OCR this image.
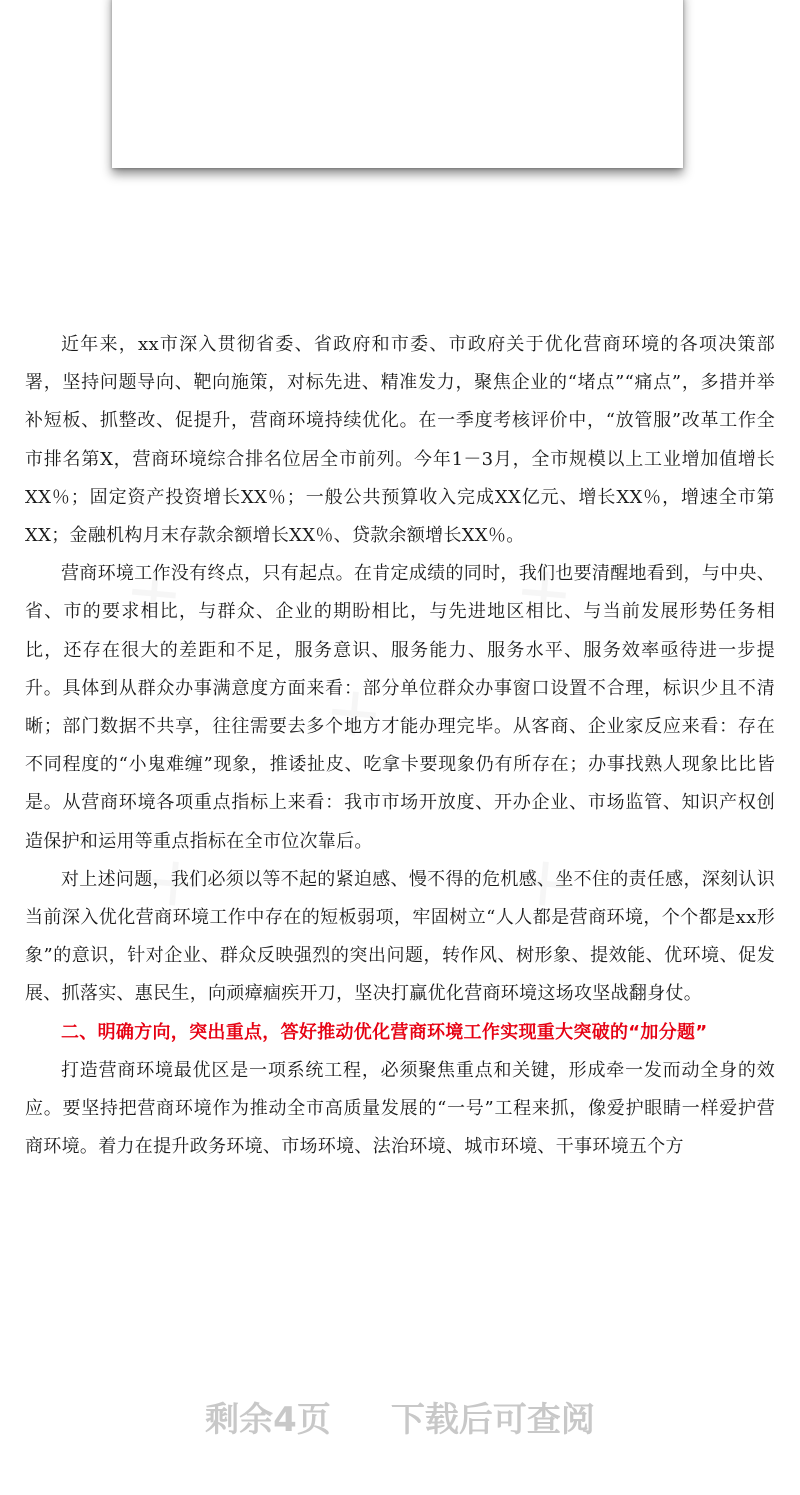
近年来，xx市深入贯彻省委、省政府和市委、市政府关于优化营商环境的各项决策部署，坚持问题导向、靶向施策，对标先进、精准发力，聚焦企业的“堵点”“痛点”，多措并举补短板、抓整改、促提升，营商环境持续优化。在一季度考核评价中，“放管服”改革工作全市排名第X，营商环境综合排名位居全市前列。今年1－3月，全市规模以上工业增加值增长XX％；固定资产投资增长XX％；一般公共预算收入完成XX亿元、增长XX％，增速全市第XX；金融机构月末存款余额增长XX％、贷款余额增长XX％。

营商环境工作没有终点，只有起点。在肯定成绩的同时，我们也要清醒地看到，与中央、省、市的要求相比，与群众、企业的期盼相比，与先进地区相比、与当前发展形势任务相比，还存在很大的差距和不足，服务意识、服务能力、服务水平、服务效率亟待进一步提升。具体到从群众办事满意度方面来看：部分单位群众办事窗口设置不合理，标识少且不清晰；部门数据不共享，往往需要去多个地方才能办理完毕。从客商、企业家反应来看：存在不同程度的“小鬼难缠”现象，推诿扯皮、吃拿卡要现象仍有所存在；办事找熟人现象比比皆是。从营商环境各项重点指标上来看：我市市场开放度、开办企业、市场监管、知识产权创造保护和运用等重点指标在全市位次靠后。

对上述问题，我们必须以等不起的紧迫感、慢不得的危机感、坐不住的责任感，深刻认识当前深入优化营商环境工作中存在的短板弱项，牢固树立“人人都是营商环境，个个都是xx形象”的意识，针对企业、群众反映强烈的突出问题，转作风、树形象、提效能、优环境、促发展、抓落实、惠民生，向顽瘴痼疾开刀，坚决打赢优化营商环境这场攻坚战翻身仗。

二、明确方向，突出重点，答好推动优化营商环境工作实现重大突破的“加分题”

打造营商环境最优区是一项系统工程，必须聚焦重点和关键，形成牵一发而动全身的效应。要坚持把营商环境作为推动全市高质量发展的“一号”工程来抓，像爱护眼睛一样爱护营商环境。着力在提升政务环境、市场环境、法治环境、城市环境、干事环境五个方

剩余4页 下载后可查阅
